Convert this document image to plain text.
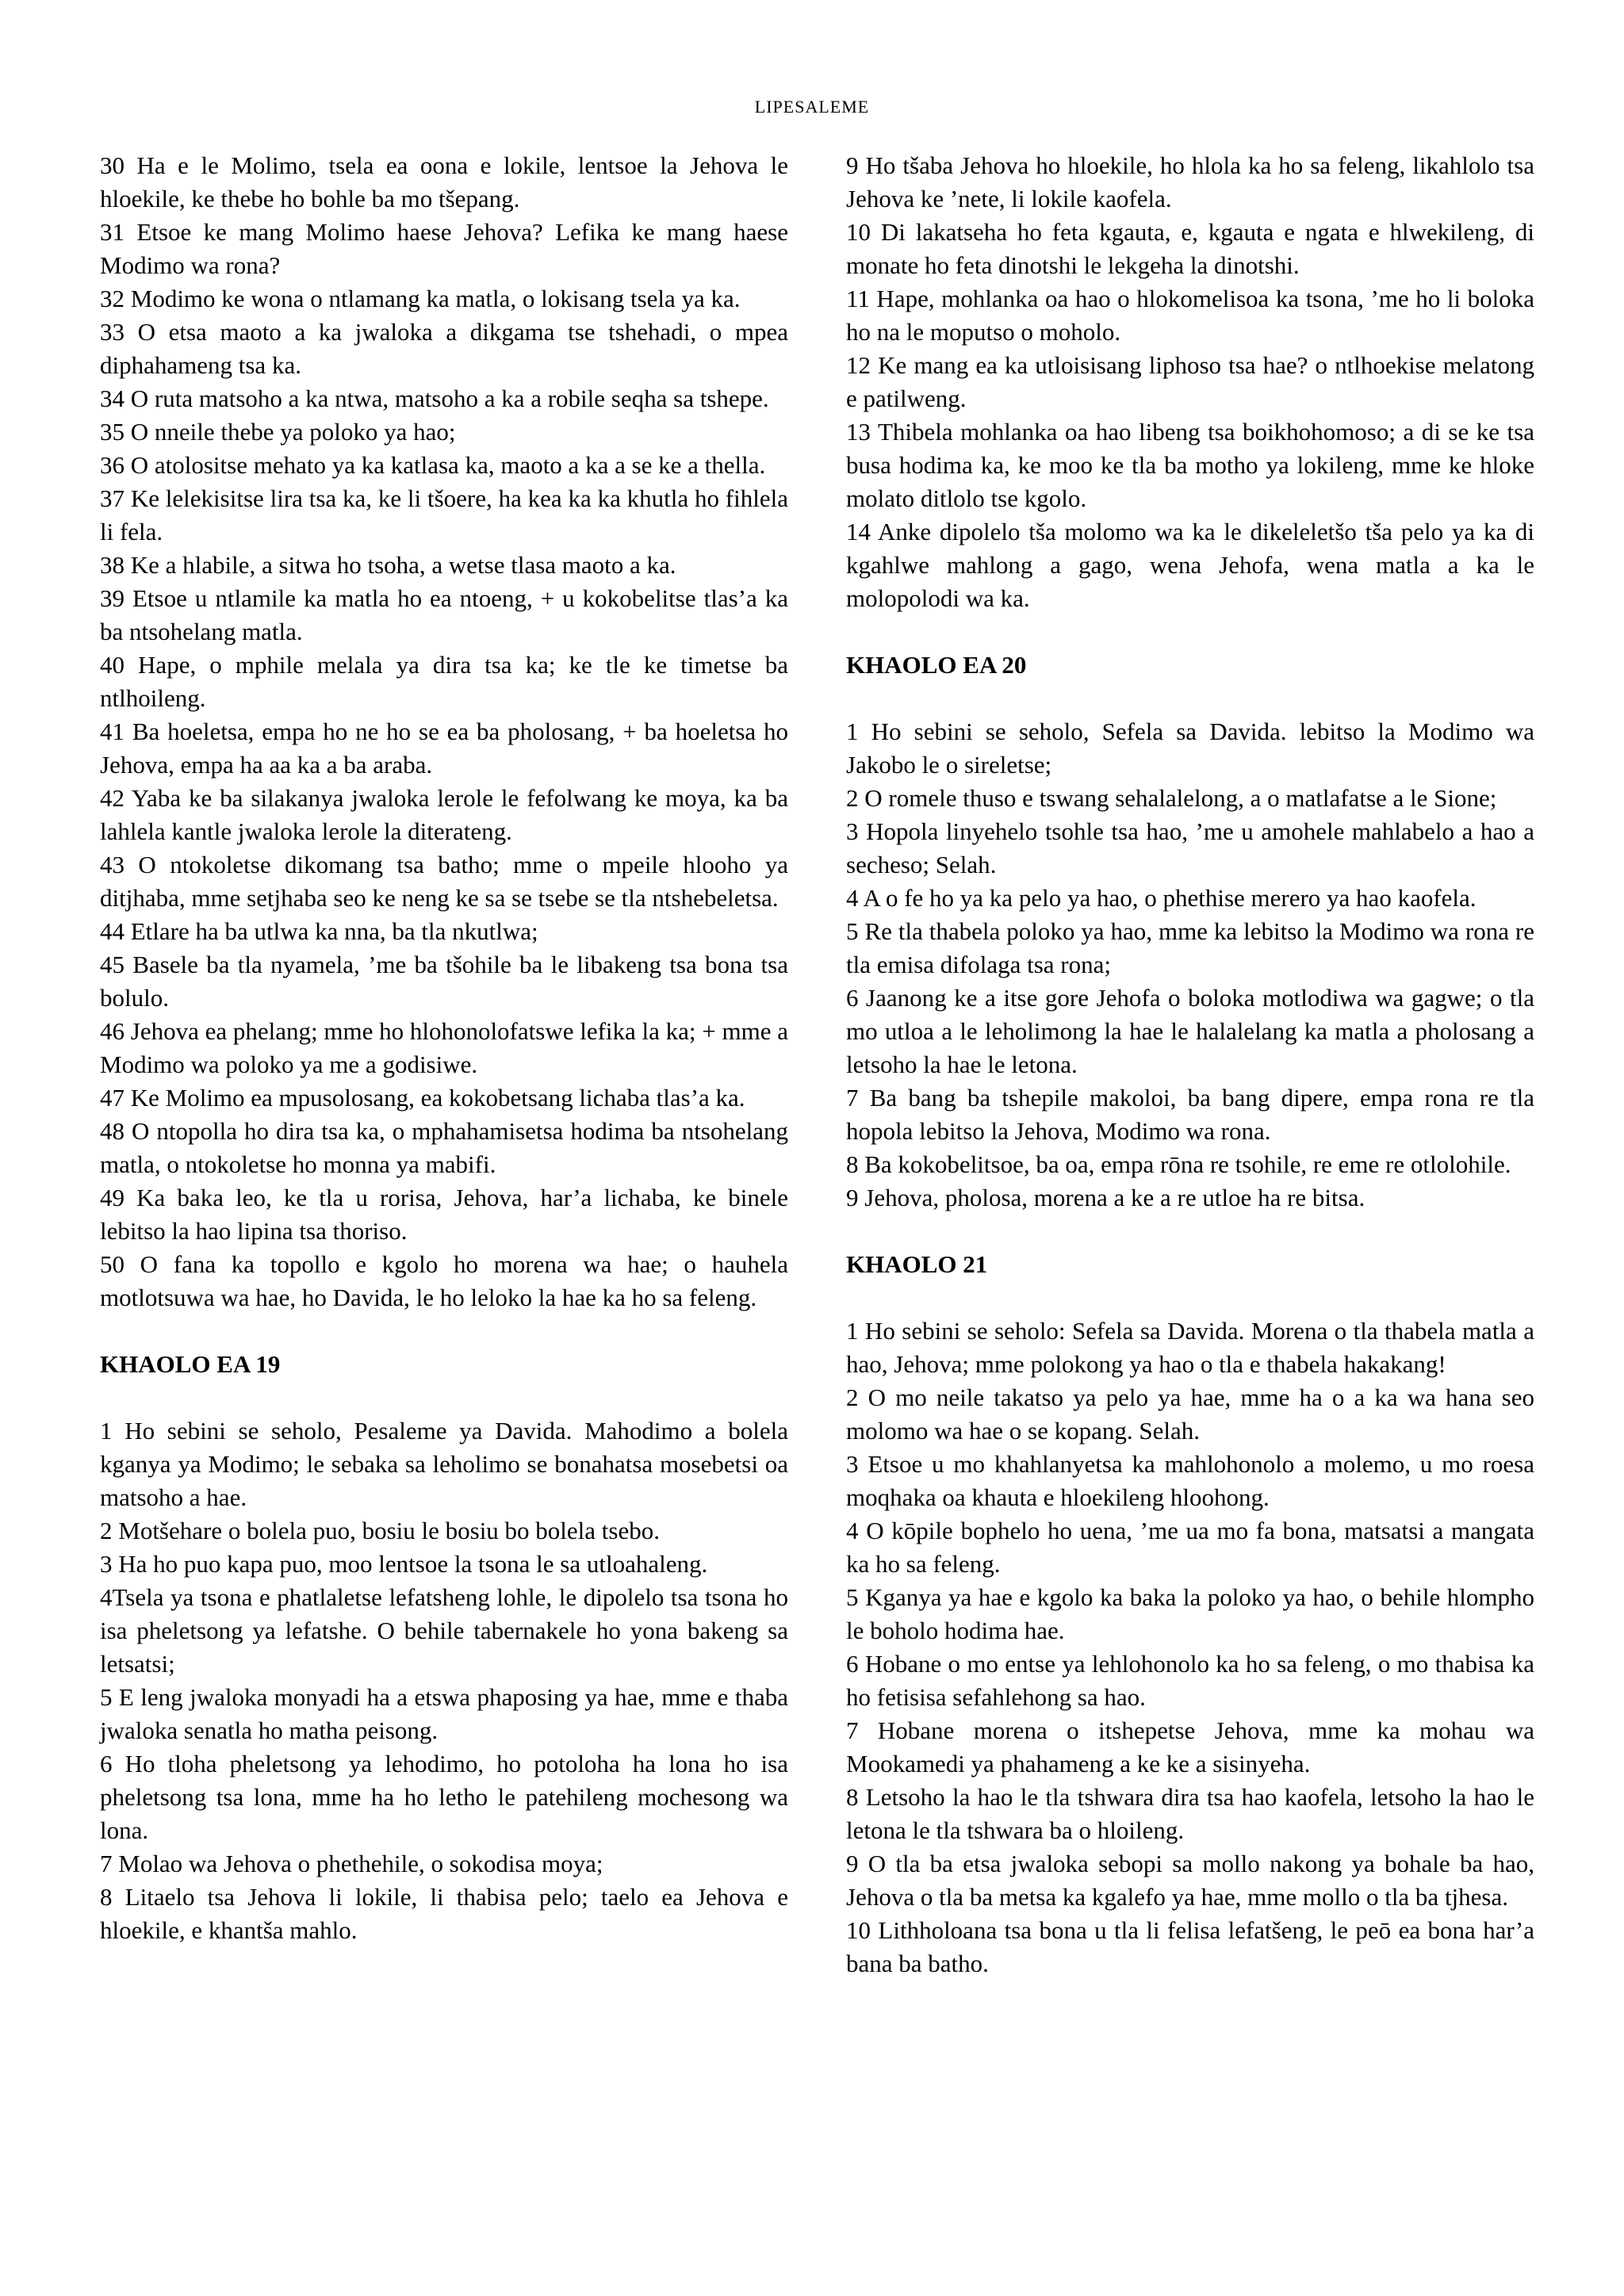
LIPESALEME

30 Ha e le Molimo, tsela ea oona e lokile, lentsoe la Jehova le hloekile, ke thebe ho bohle ba mo tšepang.

31 Etsoe ke mang Molimo haese Jehova? Lefika ke mang haese Modimo wa rona?

32 Modimo ke wona o ntlamang ka matla, o lokisang tsela ya ka.

33 O etsa maoto a ka jwaloka a dikgama tse tshehadi, o mpea diphahameng tsa ka.

34 O ruta matsoho a ka ntwa, matsoho a ka a robile seqha sa tshepe.

35 O nneile thebe ya poloko ya hao;

36 O atolositse mehato ya ka katlasa ka, maoto a ka a se ke a thella.

37 Ke lelekisitse lira tsa ka, ke li tšoere, ha kea ka ka khutla ho fihlela li fela.

38 Ke a hlabile, a sitwa ho tsoha, a wetse tlasa maoto a ka.

39 Etsoe u ntlamile ka matla ho ea ntoeng, + u kokobelitse tlas’a ka ba ntsohelang matla.

40 Hape, o mphile melala ya dira tsa ka; ke tle ke timetse ba ntlhoileng.

41 Ba hoeletsa, empa ho ne ho se ea ba pholosang, + ba hoeletsa ho Jehova, empa ha aa ka a ba araba.

42 Yaba ke ba silakanya jwaloka lerole le fefolwang ke moya, ka ba lahlela kantle jwaloka lerole la diterateng.

43 O ntokoletse dikomang tsa batho; mme o mpeile hlooho ya ditjhaba, mme setjhaba seo ke neng ke sa se tsebe se tla ntshebeletsa.

44 Etlare ha ba utlwa ka nna, ba tla nkutlwa;

45 Basele ba tla nyamela, ’me ba tšohile ba le libakeng tsa bona tsa bolulo.

46 Jehova ea phelang; mme ho hlohonolofatswe lefika la ka; + mme a Modimo wa poloko ya me a godisiwe.

47 Ke Molimo ea mpusolosang, ea kokobetsang lichaba tlas’a ka.

48 O ntopolla ho dira tsa ka, o mphahamisetsa hodima ba ntsohelang matla, o ntokoletse ho monna ya mabifi.

49 Ka baka leo, ke tla u rorisa, Jehova, har’a lichaba, ke binele lebitso la hao lipina tsa thoriso.

50 O fana ka topollo e kgolo ho morena wa hae; o hauhela motlotsuwa wa hae, ho Davida, le ho leloko la hae ka ho sa feleng.

KHAOLO EA 19

1 Ho sebini se seholo, Pesaleme ya Davida. Mahodimo a bolela kganya ya Modimo; le sebaka sa leholimo se bonahatsa mosebetsi oa matsoho a hae.

2 Motšehare o bolela puo, bosiu le bosiu bo bolela tsebo.

3 Ha ho puo kapa puo, moo lentsoe la tsona le sa utloahaleng.

4Tsela ya tsona e phatlaletse lefatsheng lohle, le dipolelo tsa tsona ho isa pheletsong ya lefatshe. O behile tabernakele ho yona bakeng sa letsatsi;

5 E leng jwaloka monyadi ha a etswa phaposing ya hae, mme e thaba jwaloka senatla ho matha peisong.

6 Ho tloha pheletsong ya lehodimo, ho potoloha ha lona ho isa pheletsong tsa lona, mme ha ho letho le patehileng mochesong wa lona.

7 Molao wa Jehova o phethehile, o sokodisa moya;

8 Litaelo tsa Jehova li lokile, li thabisa pelo; taelo ea Jehova e hloekile, e khantša mahlo.

9 Ho tšaba Jehova ho hloekile, ho hlola ka ho sa feleng, likahlolo tsa Jehova ke ’nete, li lokile kaofela.

10 Di lakatseha ho feta kgauta, e, kgauta e ngata e hlwekileng, di monate ho feta dinotshi le lekgeha la dinotshi.

11 Hape, mohlanka oa hao o hlokomelisoa ka tsona, ’me ho li boloka ho na le moputso o moholo.

12 Ke mang ea ka utloisisang liphoso tsa hae? o ntlhoekise melatong e patilweng.

13 Thibela mohlanka oa hao libeng tsa boikhohomoso; a di se ke tsa busa hodima ka, ke moo ke tla ba motho ya lokileng, mme ke hloke molato ditlolo tse kgolo.

14 Anke dipolelo tša molomo wa ka le dikeleletšo tša pelo ya ka di kgahlwe mahlong a gago, wena Jehofa, wena matla a ka le molopolodi wa ka.

KHAOLO EA 20

1 Ho sebini se seholo, Sefela sa Davida. lebitso la Modimo wa Jakobo le o sireletse;

2 O romele thuso e tswang sehalalelong, a o matlafatse a le Sione;

3 Hopola linyehelo tsohle tsa hao, ’me u amohele mahlabelo a hao a secheso; Selah.

4 A o fe ho ya ka pelo ya hao, o phethise merero ya hao kaofela.

5 Re tla thabela poloko ya hao, mme ka lebitso la Modimo wa rona re tla emisa difolaga tsa rona;

6 Jaanong ke a itse gore Jehofa o boloka motlodiwa wa gagwe; o tla mo utloa a le leholimong la hae le halalelang ka matla a pholosang a letsoho la hae le letona.

7 Ba bang ba tshepile makoloi, ba bang dipere, empa rona re tla hopola lebitso la Jehova, Modimo wa rona.

8 Ba kokobelitsoe, ba oa, empa rōna re tsohile, re eme re otlolohile.

9 Jehova, pholosa, morena a ke a re utloe ha re bitsa.

KHAOLO 21

1 Ho sebini se seholo: Sefela sa Davida. Morena o tla thabela matla a hao, Jehova; mme polokong ya hao o tla e thabela hakakang!

2 O mo neile takatso ya pelo ya hae, mme ha o a ka wa hana seo molomo wa hae o se kopang. Selah.

3 Etsoe u mo khahlanyetsa ka mahlohonolo a molemo, u mo roesa moqhaka oa khauta e hloekileng hloohong.

4 O kōpile bophelo ho uena, ’me ua mo fa bona, matsatsi a mangata ka ho sa feleng.

5 Kganya ya hae e kgolo ka baka la poloko ya hao, o behile hlompho le boholo hodima hae.

6 Hobane o mo entse ya lehlohonolo ka ho sa feleng, o mo thabisa ka ho fetisisa sefahlehong sa hao.

7 Hobane morena o itshepetse Jehova, mme ka mohau wa Mookamedi ya phahameng a ke ke a sisinyeha.

8 Letsoho la hao le tla tshwara dira tsa hao kaofela, letsoho la hao le letona le tla tshwara ba o hloileng.

9 O tla ba etsa jwaloka sebopi sa mollo nakong ya bohale ba hao, Jehova o tla ba metsa ka kgalefo ya hae, mme mollo o tla ba tjhesa.

10 Lithholoana tsa bona u tla li felisa lefatšeng, le peō ea bona har’a bana ba batho.
